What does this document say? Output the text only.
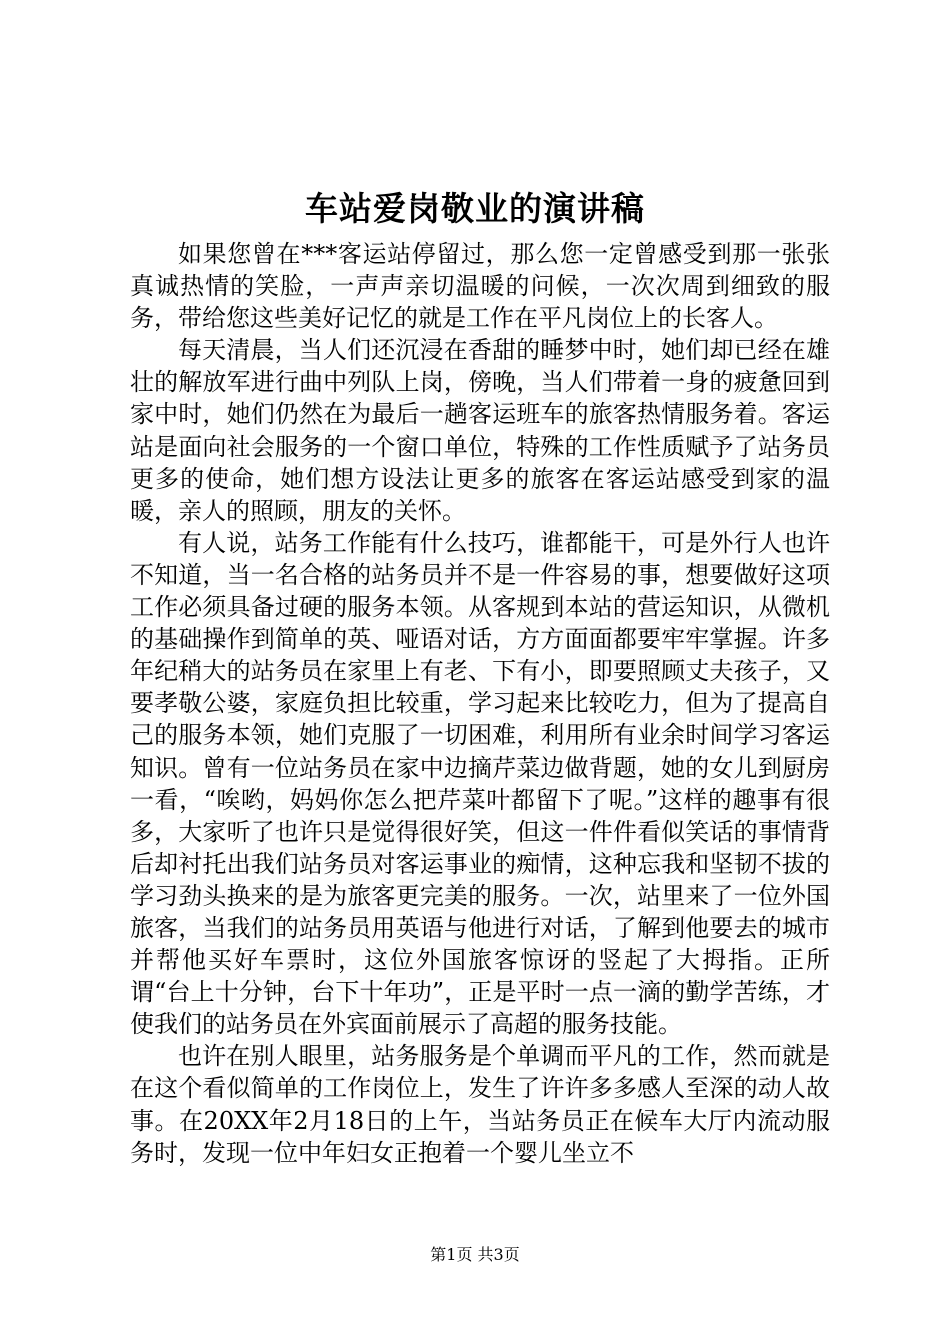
车站爱岗敬业的演讲稿

如果您曾在***客运站停留过，那么您一定曾感受到那一张张真诚热情的笑脸，一声声亲切温暖的问候，一次次周到细致的服务，带给您这些美好记忆的就是工作在平凡岗位上的长客人。

每天清晨，当人们还沉浸在香甜的睡梦中时，她们却已经在雄壮的解放军进行曲中列队上岗，傍晚，当人们带着一身的疲惫回到家中时，她们仍然在为最后一趟客运班车的旅客热情服务着。客运站是面向社会服务的一个窗口单位，特殊的工作性质赋予了站务员更多的使命，她们想方设法让更多的旅客在客运站感受到家的温暖，亲人的照顾，朋友的关怀。

有人说，站务工作能有什么技巧，谁都能干，可是外行人也许不知道，当一名合格的站务员并不是一件容易的事，想要做好这项工作必须具备过硬的服务本领。从客规到本站的营运知识，从微机的基础操作到简单的英、哑语对话，方方面面都要牢牢掌握。许多年纪稍大的站务员在家里上有老、下有小，即要照顾丈夫孩子，又要孝敬公婆，家庭负担比较重，学习起来比较吃力，但为了提高自己的服务本领，她们克服了一切困难，利用所有业余时间学习客运知识。曾有一位站务员在家中边摘芹菜边做背题，她的女儿到厨房一看，“唉哟，妈妈你怎么把芹菜叶都留下了呢。”这样的趣事有很多，大家听了也许只是觉得很好笑，但这一件件看似笑话的事情背后却衬托出我们站务员对客运事业的痴情，这种忘我和坚韧不拔的学习劲头换来的是为旅客更完美的服务。一次，站里来了一位外国旅客，当我们的站务员用英语与他进行对话，了解到他要去的城市并帮他买好车票时，这位外国旅客惊讶的竖起了大拇指。正所谓“台上十分钟，台下十年功”，正是平时一点一滴的勤学苦练，才使我们的站务员在外宾面前展示了高超的服务技能。

也许在别人眼里，站务服务是个单调而平凡的工作，然而就是在这个看似简单的工作岗位上，发生了许许多多感人至深的动人故事。在20XX年2月18日的上午，当站务员正在候车大厅内流动服务时，发现一位中年妇女正抱着一个婴儿坐立不

第1页 共3页
